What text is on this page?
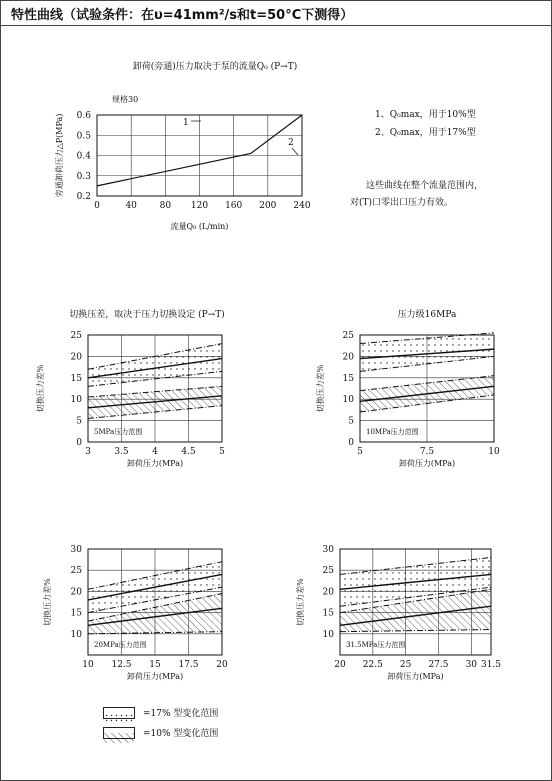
特性曲线（试验条件：在υ=41mm²/s和t=50°C下测得）
1、Q₀max，用于10%型
2、Q₀max，用于17%型
这些曲线在整个流量范围内，
对(T)口零出口压力有效。
0	40	80 120 160 200 240
0.2
0.3
0.4
0.5
0.6
流量Q₀ (L/min)
旁通卸荷压力△P(MPa)
卸荷(旁通)压力取决于泵的流量Q₀ (P→T)
规格30
1
2
3	3.5	4	4.5	5
0
5
10
15
20
25
卸荷压力(MPa)
切换压力差%
切换压差，取决于压力切换设定 (P→T)
5MPa压力范围
5	7.5	10
0
5
10
15
20
25
卸荷压力(MPa)
切换压力差%
压力级16MPa
10MPa压力范围
10 12.5 15 17.5 20
10
15
20
25
30
卸荷压力(MPa)
切换压力差%
20MPa压力范围
20 22.5 25 27.5 30 31.5
10
15
20
25
30
卸荷压力(MPa)
切换压力差%
31.5MPa压力范围
=17% 型变化范围
=10% 型变化范围
